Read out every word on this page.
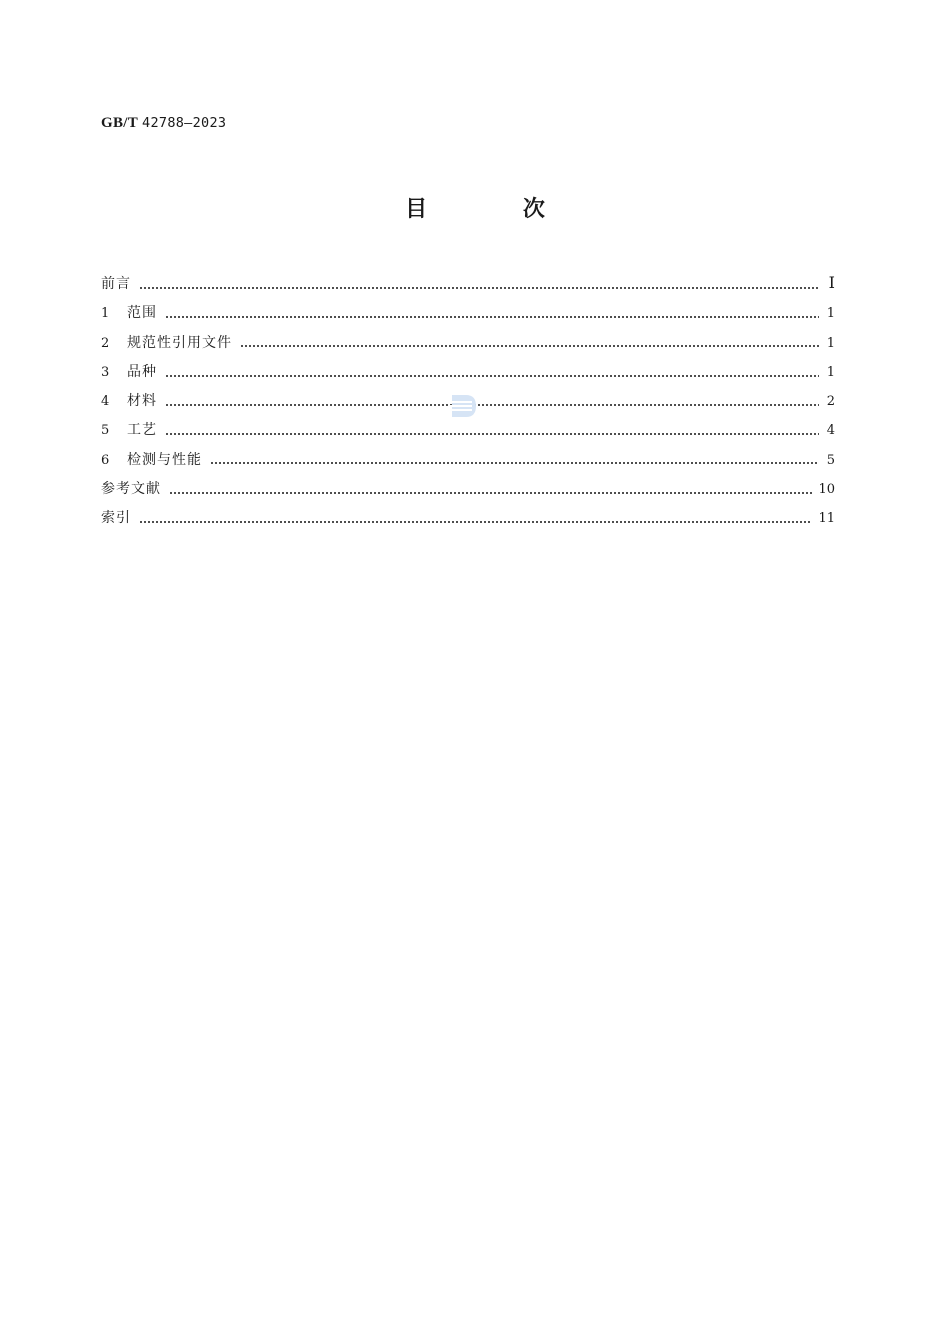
GB/T 42788—2023
目 次
前言	Ⅰ
1	范围	1
2	规范性引用文件	1
3	品种	1
4	材料	2
5	工艺	4
6	检测与性能	5
参考文献	10
索引	11
